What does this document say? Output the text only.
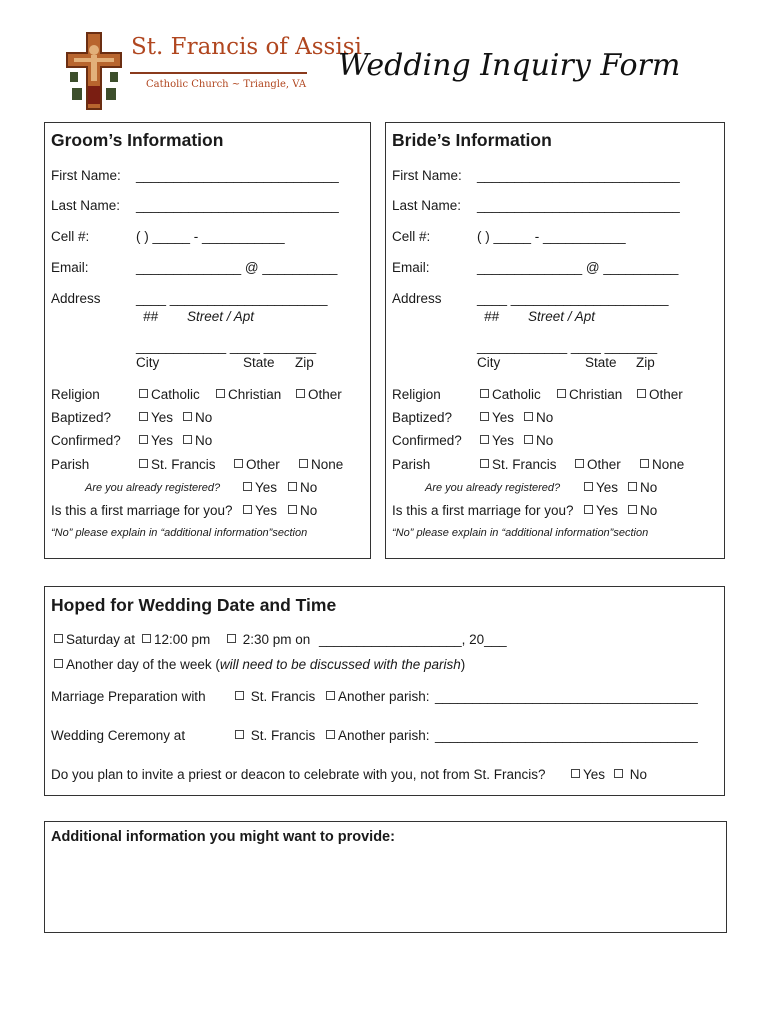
St. Francis of Assisi
Catholic Church ~ Triangle, VA
Wedding Inquiry Form
Groom’s Information
First Name: ___________________________
Last Name: ___________________________
Cell #:	( ) _____ - ___________
Email:	______________ @ __________
Address	____ _____________________
## Street / Apt
____________ ____ _______
City	State Zip
Religion	Catholic	Christian	Other
Baptized?	Yes	No
Confirmed?	Yes	No
Parish	St. Francis	Other	None
Are you already registered?	Yes	No
Is this a first marriage for you?	Yes	No
“No” please explain in “additional information”section
Bride’s Information
First Name: ___________________________
Last Name: ___________________________
Cell #:	( ) _____ - ___________
Email:	______________ @ __________
Address	____ _____________________
## Street / Apt
____________ ____ _______
City	State Zip
Religion	Catholic	Christian	Other
Baptized?	Yes	No
Confirmed?	Yes	No
Parish	St. Francis	Other	None
Are you already registered?	Yes	No
Is this a first marriage for you?	Yes	No
“No” please explain in “additional information”section
Hoped for Wedding Date and Time
Saturday at	12:00 pm	2:30 pm on ___________________, 20___
Another day of the week (will need to be discussed with the parish)
Marriage Preparation with	St. Francis	Another parish: ___________________________________
Wedding Ceremony at	St. Francis	Another parish: ___________________________________
Do you plan to invite a priest or deacon to celebrate with you, not from St. Francis?	Yes	No
Additional information you might want to provide:
